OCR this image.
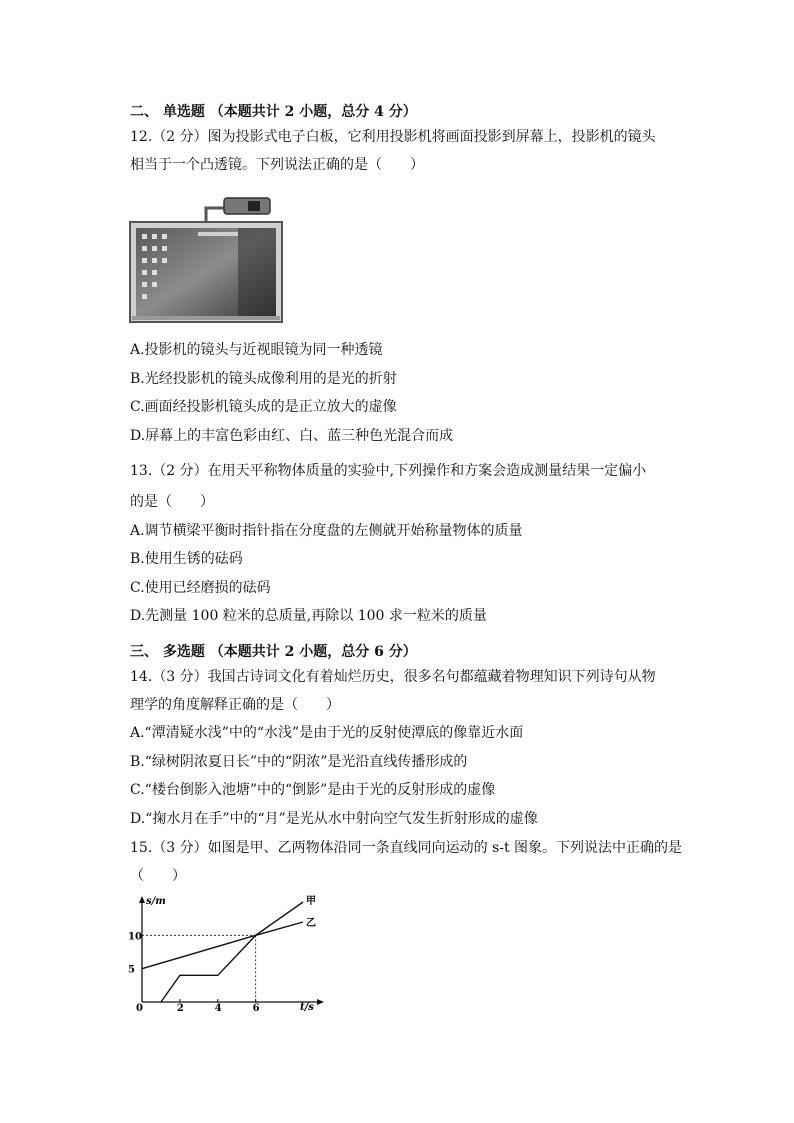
二、 单选题 （本题共计 2 小题，总分 4 分）
12.（2 分）图为投影式电子白板，它利用投影机将画面投影到屏幕上，投影机的镜头
相当于一个凸透镜。下列说法正确的是（　　）
A.投影机的镜头与近视眼镜为同一种透镜
B.光经投影机的镜头成像利用的是光的折射
C.画面经投影机镜头成的是正立放大的虚像
D.屏幕上的丰富色彩由红、白、蓝三种色光混合而成
13.（2 分）在用天平称物体质量的实验中,下列操作和方案会造成测量结果一定偏小
的是（　　）
A.调节横梁平衡时指针指在分度盘的左侧就开始称量物体的质量
B.使用生锈的砝码
C.使用已经磨损的砝码
D.先测量 100 粒米的总质量,再除以 100 求一粒米的质量
三、 多选题 （本题共计 2 小题，总分 6 分）
14.（3 分）我国古诗词文化有着灿烂历史，很多名句都蕴藏着物理知识下列诗句从物
理学的角度解释正确的是（　　）
A.“潭清疑水浅”中的“水浅”是由于光的反射使潭底的像靠近水面
B.“绿树阴浓夏日长”中的“阴浓”是光沿直线传播形成的
C.“楼台倒影入池塘”中的“倒影”是由于光的反射形成的虚像
D.“掬水月在手”中的“月”是光从水中射向空气发生折射形成的虚像
15.（3 分）如图是甲、乙两物体沿同一条直线同向运动的 s-t 图象。下列说法中正确的是
（　　）
s/m
t/s
0	2	4	6
5
10
甲
乙
